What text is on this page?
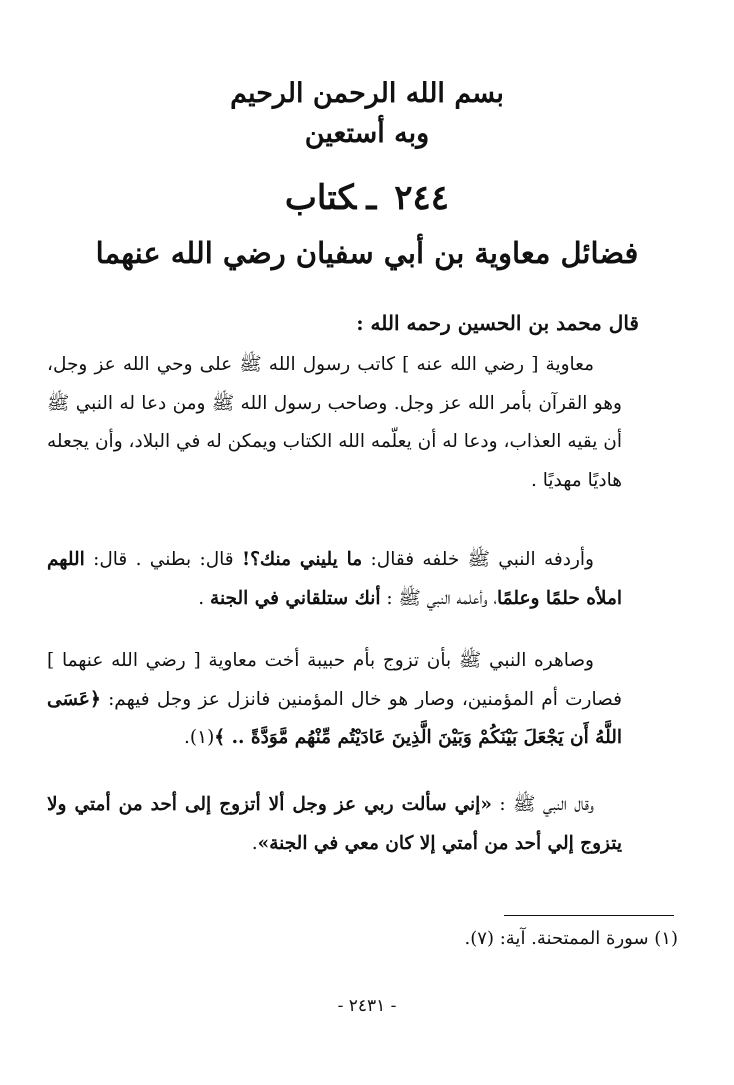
بسم الله الرحمن الرحيم
وبه أستعين
٢٤٤ـكتاب
فضائل معاوية بن أبي سفيان رضي الله عنهما
قال محمد بن الحسين رحمه الله :
معاوية [ رضي الله عنه ] كاتب رسول الله ﷺ على وحي الله عز وجل، وهو القرآن بأمر الله عز وجل. وصاحب رسول الله ﷺ ومن دعا له النبي ﷺ أن يقيه العذاب، ودعا له أن يعلّمه الله الكتاب ويمكن له في البلاد، وأن يجعله هاديًا مهديًا .
وأردفه النبي ﷺ خلفه فقال: ما يليني منك؟! قال: بطني . قال: اللهم املأه حلمًا وعلمًا، وأعلمه النبي ﷺ : أنك ستلقاني في الجنة .
وصاهره النبي ﷺ بأن تزوج بأم حبيبة أخت معاوية [ رضي الله عنهما ] فصارت أم المؤمنين، وصار هو خال المؤمنين فانزل عز وجل فيهم: ﴿عَسَى اللَّهُ أَن يَجْعَلَ بَيْنَكُمْ وَبَيْنَ الَّذِينَ عَادَيْتُم مِّنْهُم مَّوَدَّةً .. ﴾(١).
وقال النبي ﷺ : «إني سألت ربي عز وجل ألا أتزوج إلى أحد من أمتي ولا يتزوج إلي أحد من أمتي إلا كان معي في الجنة».
(١) سورة الممتحنة. آية: (٧).
- ٢٤٣١ -
